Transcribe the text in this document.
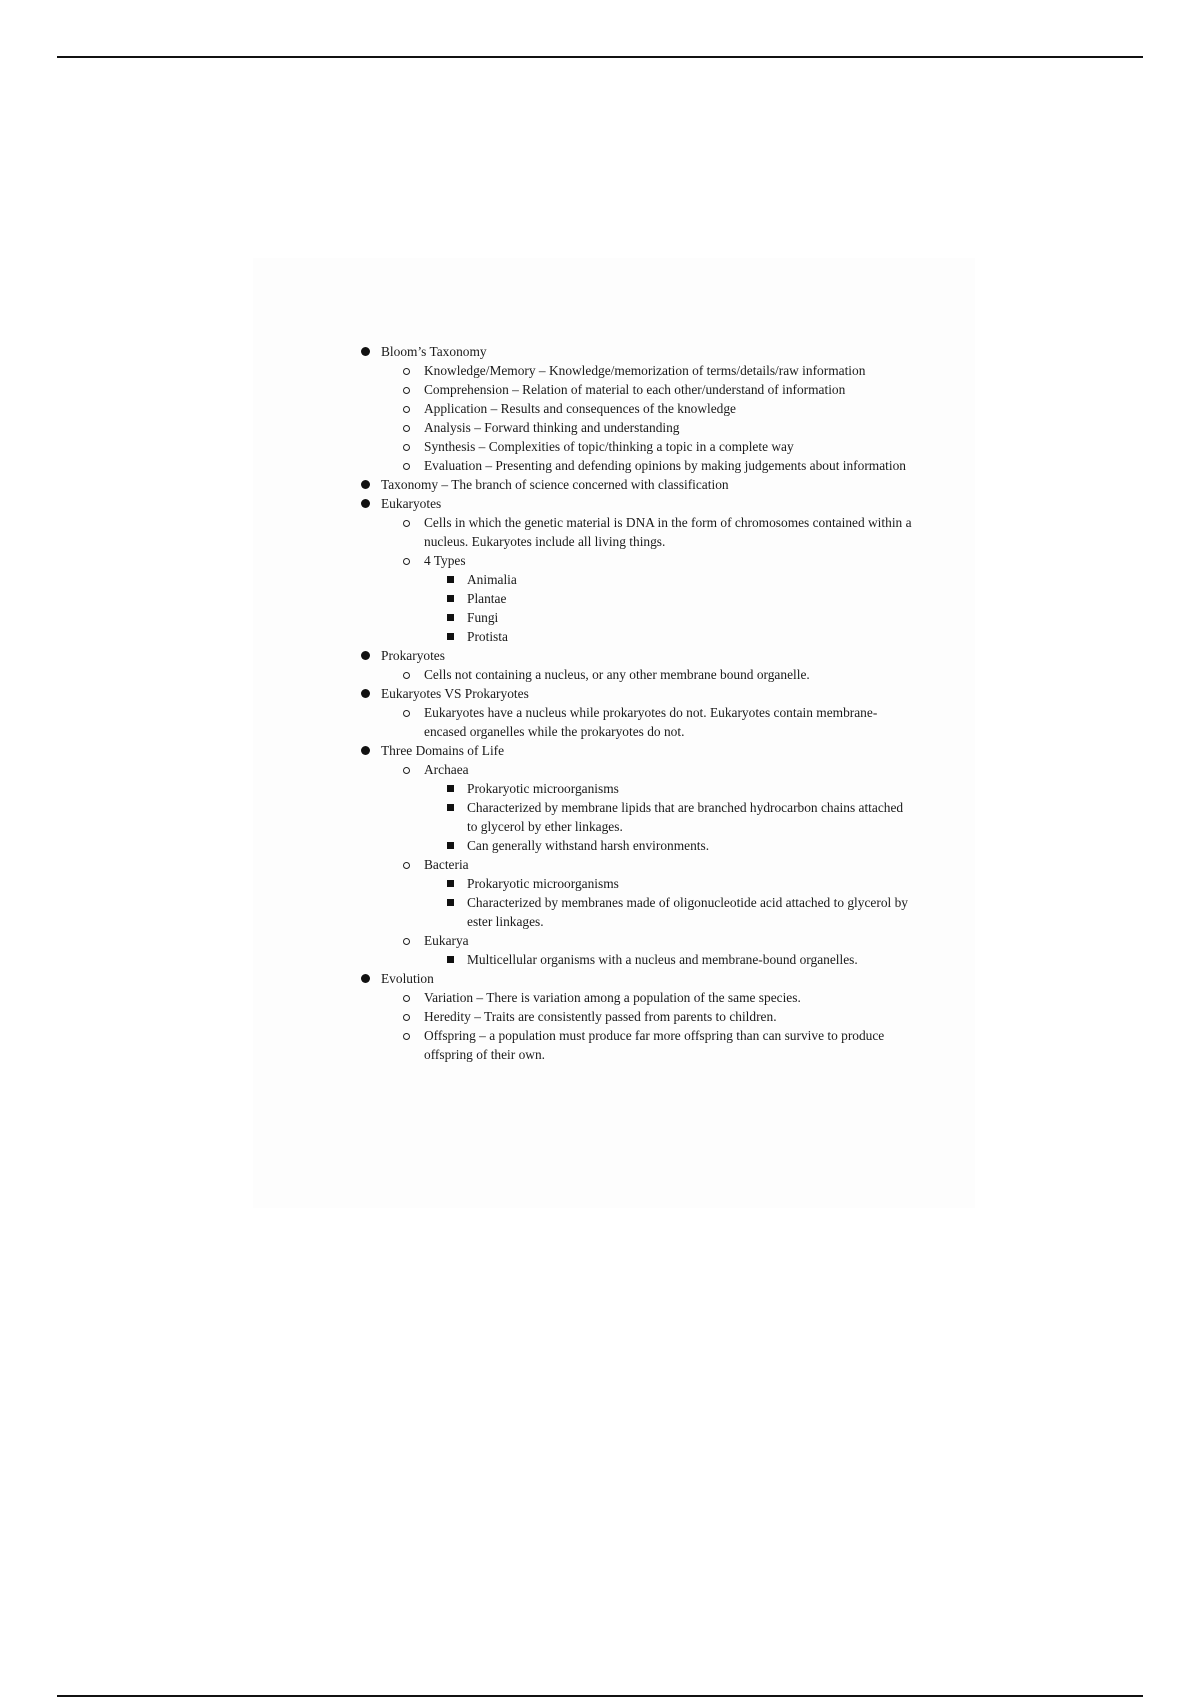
Bloom’s Taxonomy
Knowledge/Memory – Knowledge/memorization of terms/details/raw information
Comprehension – Relation of material to each other/understand of information
Application – Results and consequences of the knowledge
Analysis – Forward thinking and understanding
Synthesis – Complexities of topic/thinking a topic in a complete way
Evaluation – Presenting and defending opinions by making judgements about information
Taxonomy – The branch of science concerned with classification
Eukaryotes
Cells in which the genetic material is DNA in the form of chromosomes contained within a nucleus. Eukaryotes include all living things.
4 Types
Animalia
Plantae
Fungi
Protista
Prokaryotes
Cells not containing a nucleus, or any other membrane bound organelle.
Eukaryotes VS Prokaryotes
Eukaryotes have a nucleus while prokaryotes do not. Eukaryotes contain membrane-encased organelles while the prokaryotes do not.
Three Domains of Life
Archaea
Prokaryotic microorganisms
Characterized by membrane lipids that are branched hydrocarbon chains attached to glycerol by ether linkages.
Can generally withstand harsh environments.
Bacteria
Prokaryotic microorganisms
Characterized by membranes made of oligonucleotide acid attached to glycerol by ester linkages.
Eukarya
Multicellular organisms with a nucleus and membrane-bound organelles.
Evolution
Variation – There is variation among a population of the same species.
Heredity – Traits are consistently passed from parents to children.
Offspring – a population must produce far more offspring than can survive to produce offspring of their own.
